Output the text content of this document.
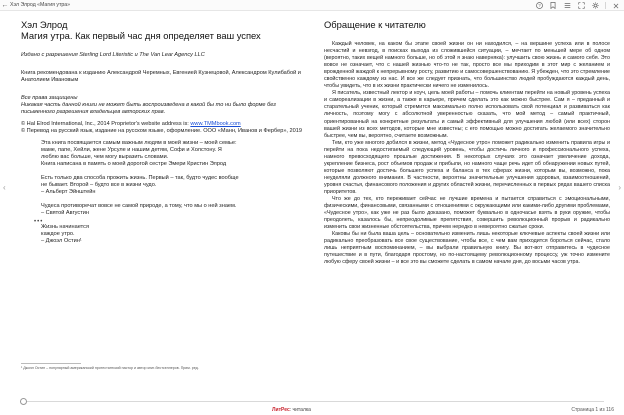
← Хэл Элрод «Магия утра»	?
‹	›
Хэл Элрод
Магия утра. Как первый час дня определяет ваш успех
Издано с разрешения Sterling Lord Literistic и The Van Lear Agency LLC
Книга рекомендована к изданию Александрой Черемных, Евгенией Кузнецовой, Александром Кулибабой и Анатолием Ивановым
Все права защищены
Никакая часть данной книги не может быть воспроизведена в какой бы то ни было форме без письменного разрешения владельцев авторских прав.
© Hal Elrod International, Inc., 2014 Proprietor's website address is: www.TMMbook.com
© Перевод на русский язык, издание на русском языке, оформление. ООО «Манн, Иванов и Фербер», 2019
Эта книга посвящается самым важным людям в моей жизни – моей семье: маме, папе, Хейли, жене Урсуле и нашим детям, Софи и Холстону. Я люблю вас больше, чем могу выразить словами.
Книга написана в память о моей дорогой сестре Эмери Кристин Элрод
•••
Есть только два способа прожить жизнь. Первый – так, будто чудес вообще не бывает. Второй – будто все в жизни чудо.
– Альберт Эйнштейн
Чудеса противоречат вовсе не самой природе, а тому, что мы о ней знаем.
– Святой Августин
Жизнь начинается каждое утро.
– Джоэл Остин¹
¹ Джоэл Остин – популярный американский протестантский пастор и автор книг-бестселлеров. Прим. ред.
Обращение к читателю

Каждый человек, на каком бы этапе своей жизни он ни находился, – на вершине успеха или в полосе несчастий и невзгод, в поисках выхода из сложившейся ситуации, – мечтает по меньшей мере об одном (вероятно, таких вещей намного больше, но об этой я знаю наверняка): улучшить свою жизнь и самого себя. Это вовсе не означает, что с нашей жизнью что-то не так, просто все мы приходим в этот мир с желанием и врожденной жаждой к непрерывному росту, развитию и самосовершенствованию. Я убежден, что это стремление свойственно каждому из нас. И все же следует признать, что большинство людей пробуждаются каждый день, чтобы увидеть, что в их жизни практически ничего не изменилось.

Я писатель, известный лектор и коуч, цель моей работы – помочь клиентам перейти на новый уровень успеха и самореализации в жизни, а также в карьере, причем сделать это как можно быстрее. Сам я – преданный и старательный ученик, который стремится максимально полно использовать свой потенциал и развиваться как личность, поэтому могу с абсолютной уверенностью сказать, что мой метод – самый практичный, ориентированный на конкретные результаты и самый эффективный для улучшения любой (или всех) сторон вашей жизни из всех методов, которые мне известны; с его помощью можно достигать желаемого значительно быстрее, чем вы, вероятно, считаете возможным.

Тем, кто уже многого добился в жизни, метод «Чудесное утро» поможет радикально изменить правила игры и перейти на пока недостигаемый следующий уровень, чтобы достичь личного и профессионального успеха, намного превосходящего прошлые достижения. В некоторых случаях это означает увеличение дохода, укрепление бизнеса, рост объемов продаж и прибыли, но намного чаще речь идет об обнаружении новых путей, которые позволяют достичь большего успеха и баланса в тех сферах жизни, которым вы, возможно, пока неуделяли должного внимания. В частности, вероятны значительные улучшения здоровья, взаимоотношений, уровня счастья, финансового положения и других областей жизни, перечисленных в первых рядах вашего списка приоритетов.

Что же до тех, кто переживает сейчас не лучшие времена и пытается справиться с эмоциональными, физическими, финансовыми, связанными с отношениями с окружающими или какими-либо другими проблемами, «Чудесное утро», как уже не раз было доказано, поможет буквально в одночасье взять в руки оружие, чтобы преодолеть, казалось бы, непреодолимые препятствия, совершить революционный прорыв и радикально изменить свои жизненные обстоятельства, причем нередко в невероятно сжатые сроки.

Каковы бы ни была ваша цель – основательно изменить лишь некоторые ключевые аспекты своей жизни или радикально преобразовать все свое существование, чтобы все, с чем вам приходится бороться сейчас, стало лишь неприятным воспоминанием, – вы выбрали правильную книгу. Вы вот-вот отправитесь в чудесное путешествие и в пути, благодаря простому, но по-настоящему революционному процессу, уж точно измените любую сферу своей жизни – и все это вы сможете сделать в самом начале дня, до восьми часов утра.

ЛитРес: читалка	Страница 1 из 116
